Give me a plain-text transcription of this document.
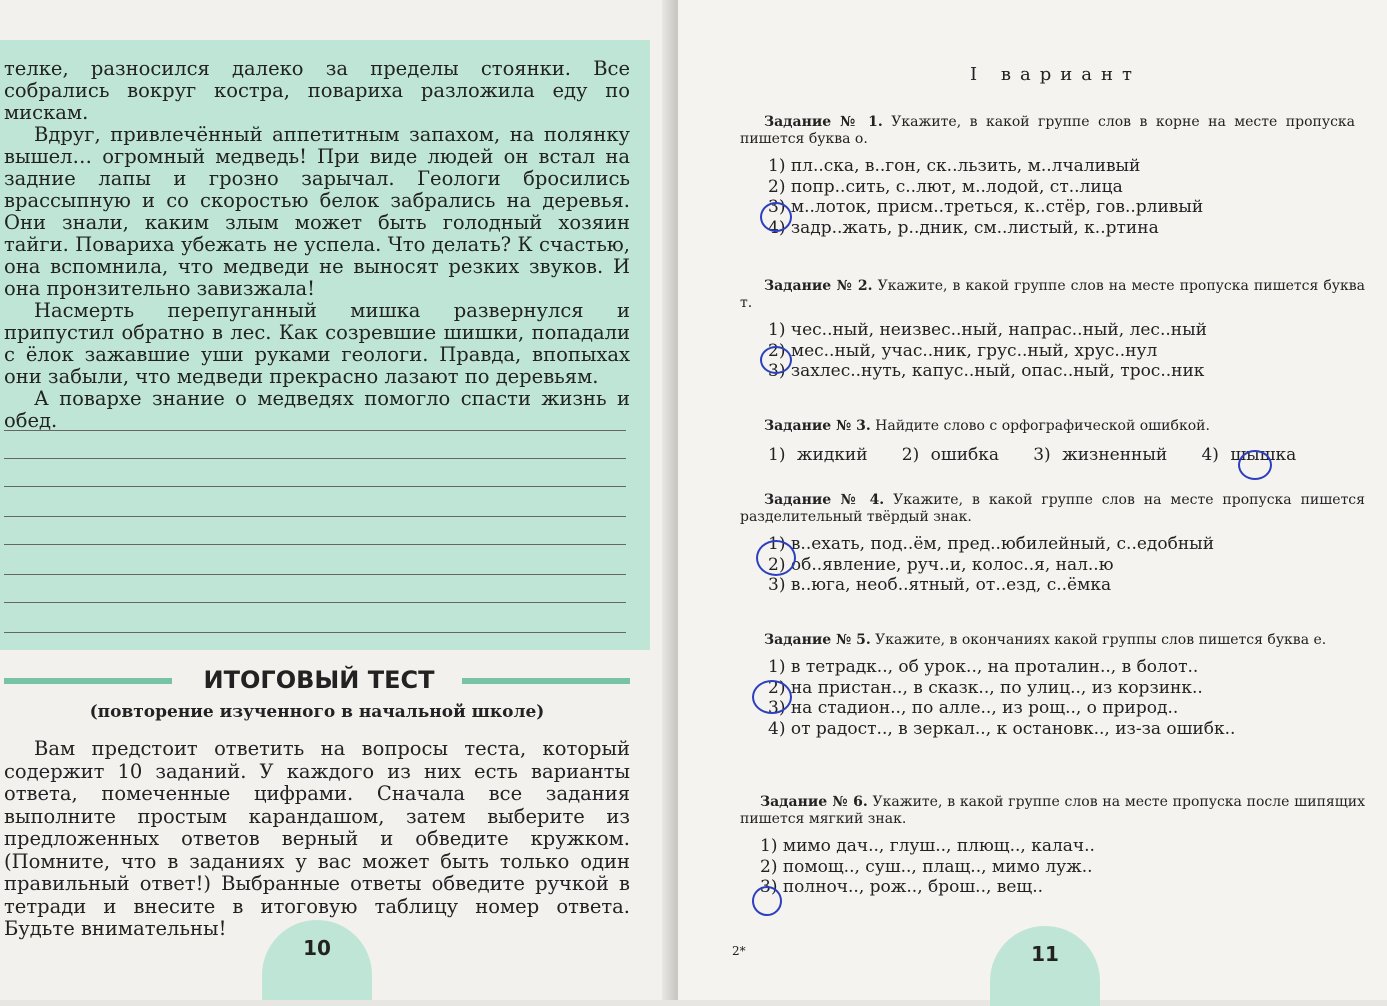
телке, разносился далеко за пределы стоянки. Все собрались вокруг костра, повариха разложила еду по мискам.

Вдруг, привлечённый аппетитным запахом, на полянку вышел… огромный медведь! При виде людей он встал на задние лапы и грозно зарычал. Геологи бросились врассыпную и со скоростью белок забрались на деревья. Они знали, каким злым может быть голодный хозяин тайги. Повариха убежать не успела. Что делать? К счастью, она вспомнила, что медведи не выносят резких звуков. И она пронзительно завизжала!

Насмерть перепуганный мишка развернулся и припустил обратно в лес. Как созревшие шишки, попадали с ёлок зажавшие уши руками геологи. Правда, впопыхах они забыли, что медведи прекрасно лазают по деревьям.

А повархе знание о медведях помогло спасти жизнь и обед.

ИТОГОВЫЙ ТЕСТ
(повторение изученного в начальной школе)
Вам предстоит ответить на вопросы теста, который содержит 10 заданий. У каждого из них есть варианты ответа, помеченные цифрами. Сначала все задания выполните простым карандашом, затем выберите из предложенных ответов верный и обведите кружком. (Помните, что в заданиях у вас может быть только один правильный ответ!) Выбранные ответы обведите ручкой в тетради и внесите в итоговую таблицу номер ответа. Будьте внимательны!
10
I вариант
Задание № 1. Укажите, в какой группе слов в корне на месте пропуска пишется буква о.
1) пл..ска, в..гон, ск..льзить, м..лчаливый
2) попр..сить, с..лют, м..лодой, ст..лица
3) м..лоток, присм..треться, к..стёр, гов..рливый
4) задр..жать, р..дник, см..листый, к..ртина
Задание № 2. Укажите, в какой группе слов на месте пропуска пишется буква т.
1) чес..ный, неизвес..ный, напрас..ный, лес..ный
2) мес..ный, учас..ник, грус..ный, хрус..нул
3) захлес..нуть, капус..ный, опас..ный, трос..ник
Задание № 3. Найдите слово с орфографической ошибкой.
1) жидкий 2) ошибка 3) жизненный 4) шышка
Задание № 4. Укажите, в какой группе слов на месте пропуска пишется разделительный твёрдый знак.
1) в..ехать, под..ём, пред..юбилейный, с..едобный
2) об..явление, руч..и, колос..я, нал..ю
3) в..юга, необ..ятный, от..езд, с..ёмка
Задание № 5. Укажите, в окончаниях какой группы слов пишется буква е.
1) в тетрадк.., об урок.., на проталин.., в болот..
2) на пристан.., в сказк.., по улиц.., из корзинк..
3) на стадион.., по алле.., из рощ.., о природ..
4) от радост.., в зеркал.., к остановк.., из-за ошибк..
Задание № 6. Укажите, в какой группе слов на месте пропуска после шипящих пишется мягкий знак.
1) мимо дач.., глуш.., плющ.., калач..
2) помощ.., суш.., плащ.., мимо луж..
3) полноч.., рож.., брош.., вещ..
2*	11
